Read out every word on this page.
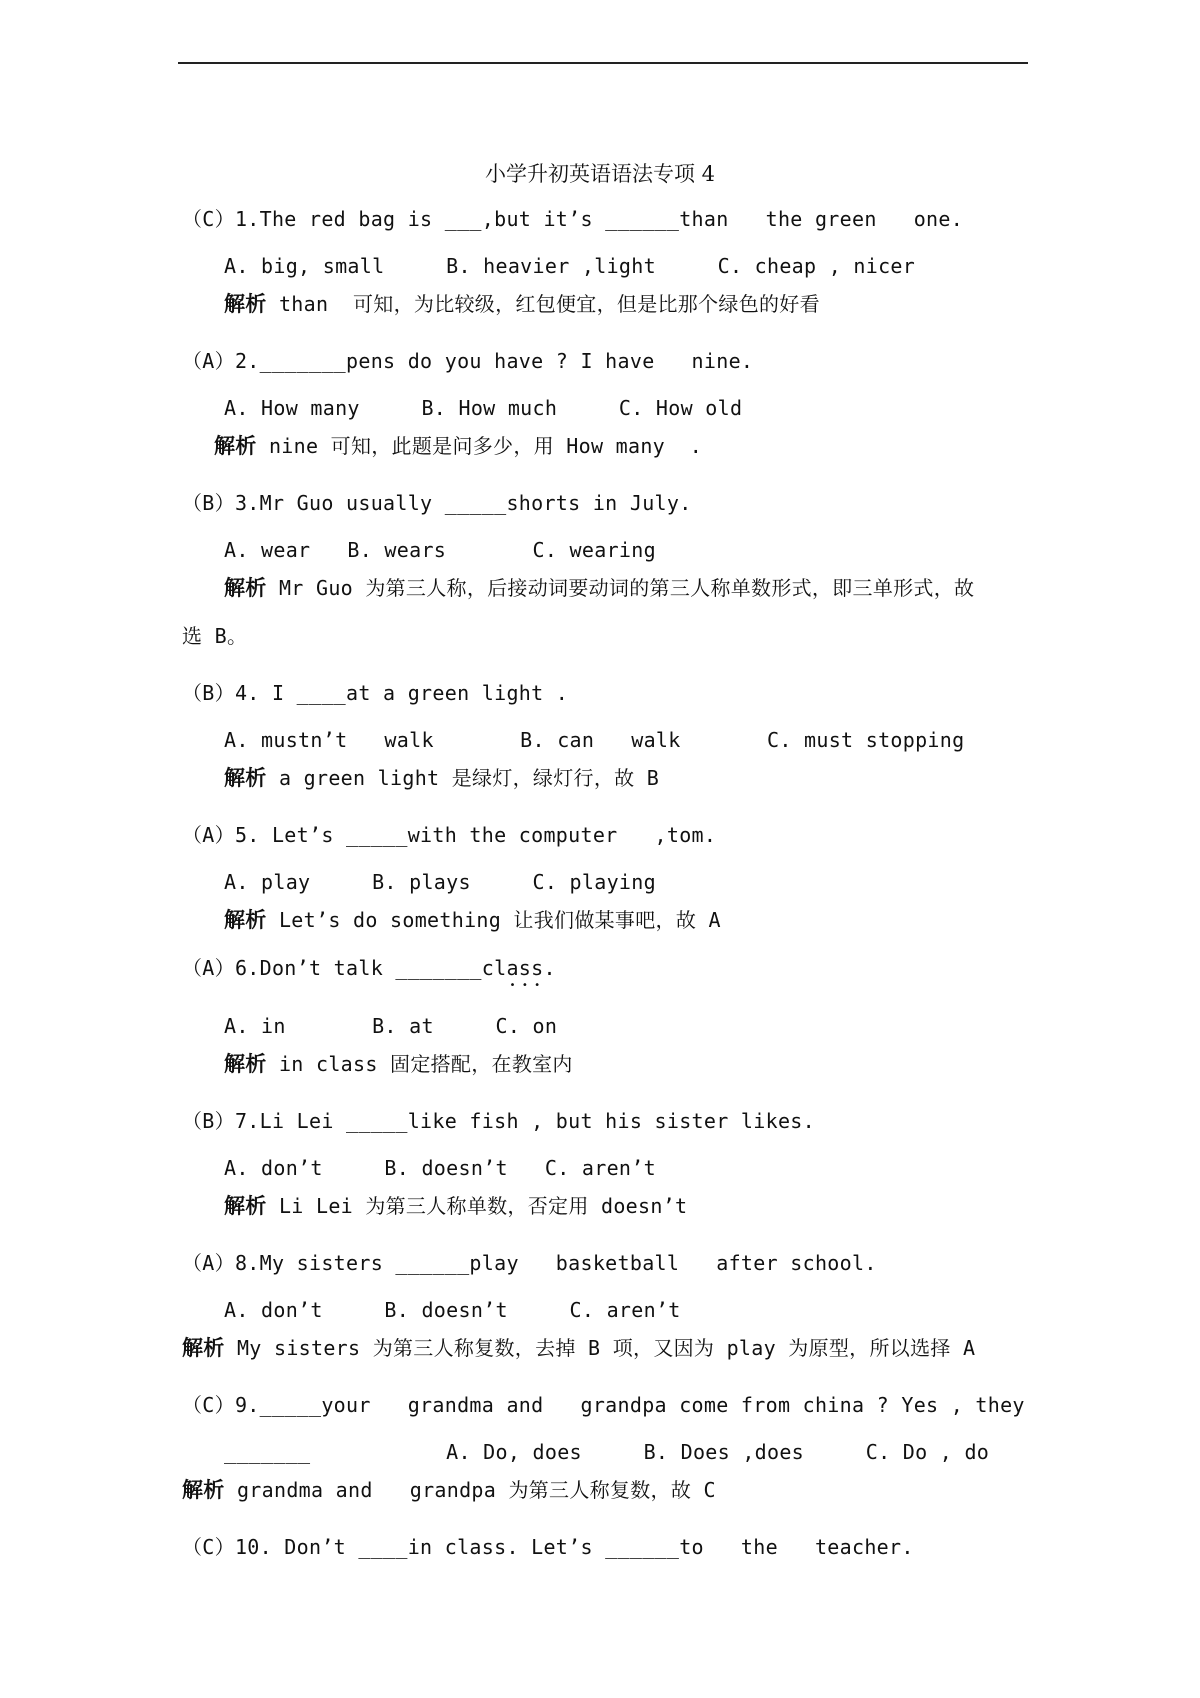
小学升初英语语法专项 4
（C）1.The red bag is ___,but it’s ______than   the green   one.
A. big, small     B. heavier ,light     C. cheap , nicer
解析 than  可知，为比较级，红包便宜，但是比那个绿色的好看
（A）2._______pens do you have ? I have   nine.
A. How many     B. How much     C. How old
解析 nine 可知，此题是问多少，用 How many  .
（B）3.Mr Guo usually _____shorts in July.
A. wear   B. wears       C. wearing
解析 Mr Guo 为第三人称，后接动词要动词的第三人称单数形式，即三单形式，故
选 B。
（B）4. I ____at a green light .
A. mustn’t   walk       B. can   walk       C. must stopping
解析 a green light 是绿灯，绿灯行，故 B
（A）5. Let’s _____with the computer   ,tom.
A. play     B. plays     C. playing
解析 Let’s do something 让我们做某事吧，故 A
（A）6.Don’t talk _______class.
A. in       B. at     C. on
解析 in class 固定搭配，在教室内
（B）7.Li Lei _____like fish , but his sister likes.
A. don’t     B. doesn’t   C. aren’t
解析 Li Lei 为第三人称单数，否定用 doesn’t
（A）8.My sisters ______play   basketball   after school.
A. don’t     B. doesn’t     C. aren’t
解析 My sisters 为第三人称复数，去掉 B 项，又因为 play 为原型，所以选择 A
（C）9._____your   grandma and   grandpa come from china ? Yes , they
_______           A. Do, does     B. Does ,does     C. Do , do
解析 grandma and   grandpa 为第三人称复数，故 C
（C）10. Don’t ____in class. Let’s ______to   the   teacher.
